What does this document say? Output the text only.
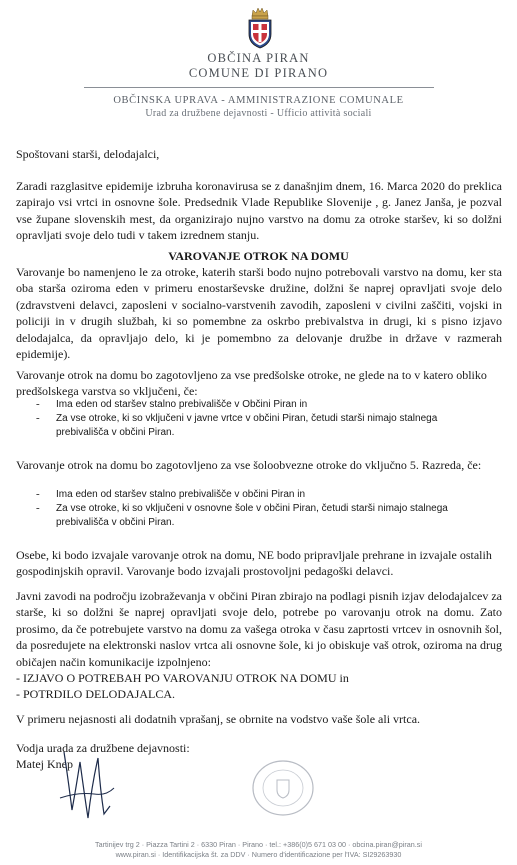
OBČINA PIRAN
COMUNE DI PIRANO
OBČINSKA UPRAVA - AMMINISTRAZIONE COMUNALE
Urad za družbene dejavnosti - Ufficio attività sociali
Spoštovani starši, delodajalci,
Zaradi razglasitve epidemije izbruha koronavirusa se z današnjim dnem, 16. Marca 2020 do preklica zapirajo vsi vrtci in osnovne šole. Predsednik Vlade Republike Slovenije , g. Janez Janša, je pozval vse župane slovenskih mest, da organizirajo nujno varstvo na domu za otroke staršev, ki so dolžni opravljati svoje delo tudi v takem izrednem stanju.
VAROVANJE OTROK NA DOMU
Varovanje bo namenjeno le za otroke, katerih starši bodo nujno potrebovali varstvo na domu, ker sta oba starša oziroma eden v primeru enostarševske družine, dolžni še naprej opravljati svoje delo (zdravstveni delavci, zaposleni v socialno-varstvenih zavodih, zaposleni v civilni zaščiti, vojski in policiji in v drugih službah, ki so pomembne za oskrbo prebivalstva in drugi, ki s pisno izjavo delodajalca, da opravljajo delo, ki je pomembno za delovanje družbe in države v razmerah epidemije).
Varovanje otrok na domu bo zagotovljeno za vse predšolske otroke, ne glede na to v katero obliko predšolskega varstva so vključeni, če:
- Ima eden od staršev stalno prebivališče v Občini Piran in
- Za vse otroke, ki so vključeni v javne vrtce v občini Piran, četudi starši nimajo stalnega prebivališča v občini Piran.
Varovanje otrok na domu bo zagotovljeno za vse šoloobvezne otroke do vključno 5. Razreda, če:
- Ima eden od staršev stalno prebivališče v občini Piran in
- Za vse otroke, ki so vključeni v osnovne šole v občini Piran, četudi starši nimajo stalnega prebivališča v občini Piran.
Osebe, ki bodo izvajale varovanje otrok na domu, NE bodo pripravljale prehrane in izvajale ostalih gospodinjskih opravil. Varovanje bodo izvajali prostovoljni pedagoški delavci.
Javni zavodi na področju izobraževanja v občini Piran zbirajo na podlagi pisnih izjav delodajalcev za starše, ki so dolžni še naprej opravljati svoje delo, potrebe po varovanju otrok na domu. Zato prosimo, da če potrebujete varstvo na domu za vašega otroka v času zaprtosti vrtcev in osnovnih šol, da posredujete na elektronski naslov vrtca ali osnovne šole, ki jo obiskuje vaš otrok, oziroma na drug običajen način komunikacije izpolnjeno:
- IZJAVO O POTREBAH PO VAROVANJU OTROK NA DOMU in
- POTRDILO DELODAJALCA.
V primeru nejasnosti ali dodatnih vprašanj, se obrnite na vodstvo vaše šole ali vrtca.
Vodja urada za družbene dejavnosti:
Matej Knep
Tartinijev trg 2 · Piazza Tartini 2 · 6330 Piran · Pirano · tel.: +386(0)5 671 03 00 · obcina.piran@piran.si
www.piran.si · Identifikacijska št. za DDV · Numero d'identificazione per l'IVA: SI29263930
